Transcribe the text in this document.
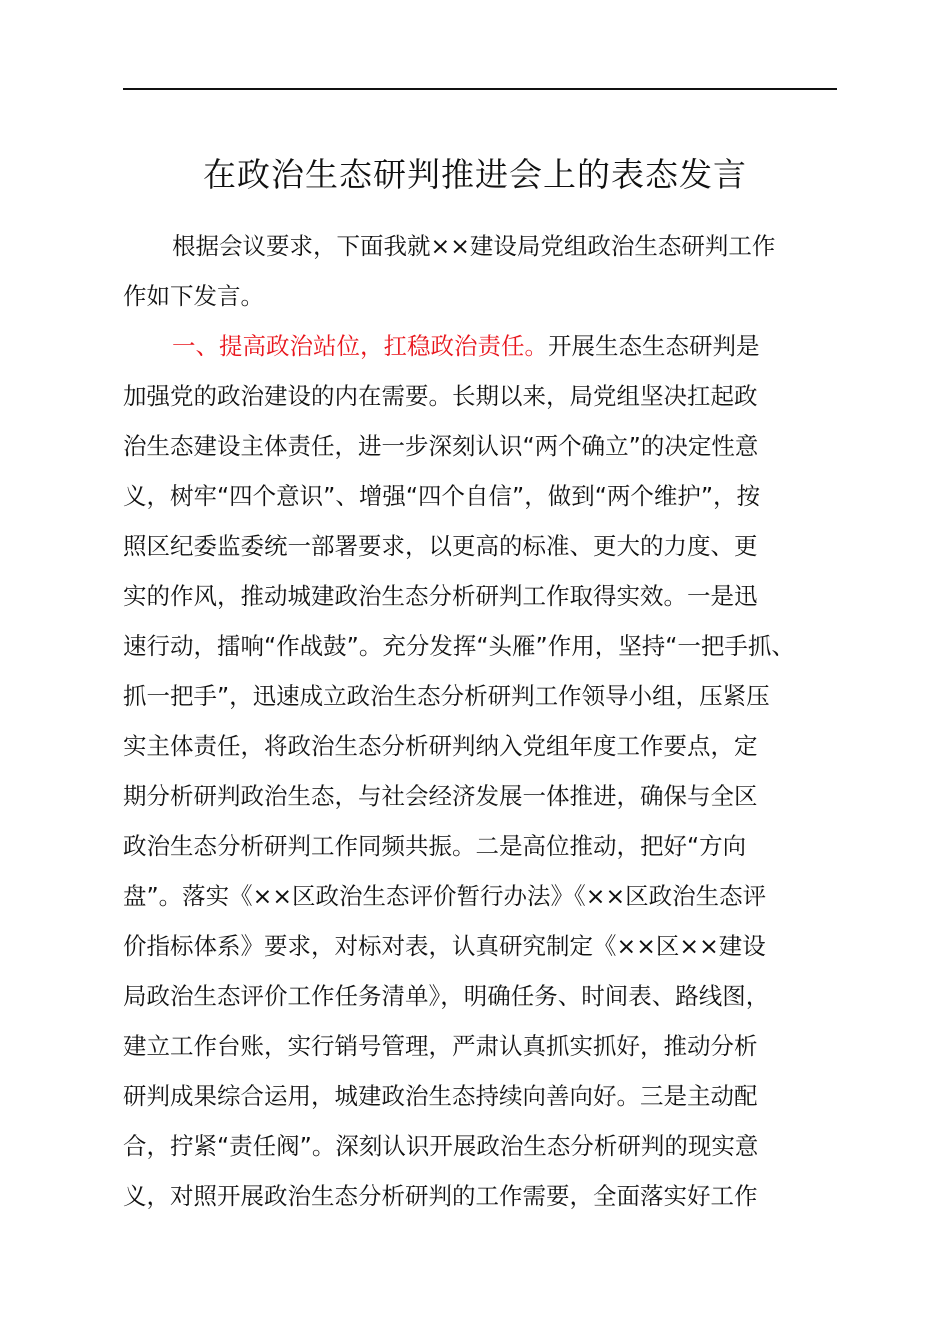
在政治生态研判推进会上的表态发言

根据会议要求，下面我就××建设局党组政治生态研判工作

作如下发言。

一、提高政治站位，扛稳政治责任。开展生态生态研判是

加强党的政治建设的内在需要。长期以来，局党组坚决扛起政

治生态建设主体责任，进一步深刻认识“两个确立”的决定性意

义，树牢“四个意识”、增强“四个自信”，做到“两个维护”，按

照区纪委监委统一部署要求，以更高的标准、更大的力度、更

实的作风，推动城建政治生态分析研判工作取得实效。一是迅

速行动，擂响“作战鼓”。充分发挥“头雁”作用，坚持“一把手抓、

抓一把手”，迅速成立政治生态分析研判工作领导小组，压紧压

实主体责任，将政治生态分析研判纳入党组年度工作要点，定

期分析研判政治生态，与社会经济发展一体推进，确保与全区

政治生态分析研判工作同频共振。二是高位推动，把好“方向

盘”。落实《××区政治生态评价暂行办法》《××区政治生态评

价指标体系》要求，对标对表，认真研究制定《××区××建设

局政治生态评价工作任务清单》，明确任务、时间表、路线图，

建立工作台账，实行销号管理，严肃认真抓实抓好，推动分析

研判成果综合运用，城建政治生态持续向善向好。三是主动配

合，拧紧“责任阀”。深刻认识开展政治生态分析研判的现实意

义，对照开展政治生态分析研判的工作需要，全面落实好工作
